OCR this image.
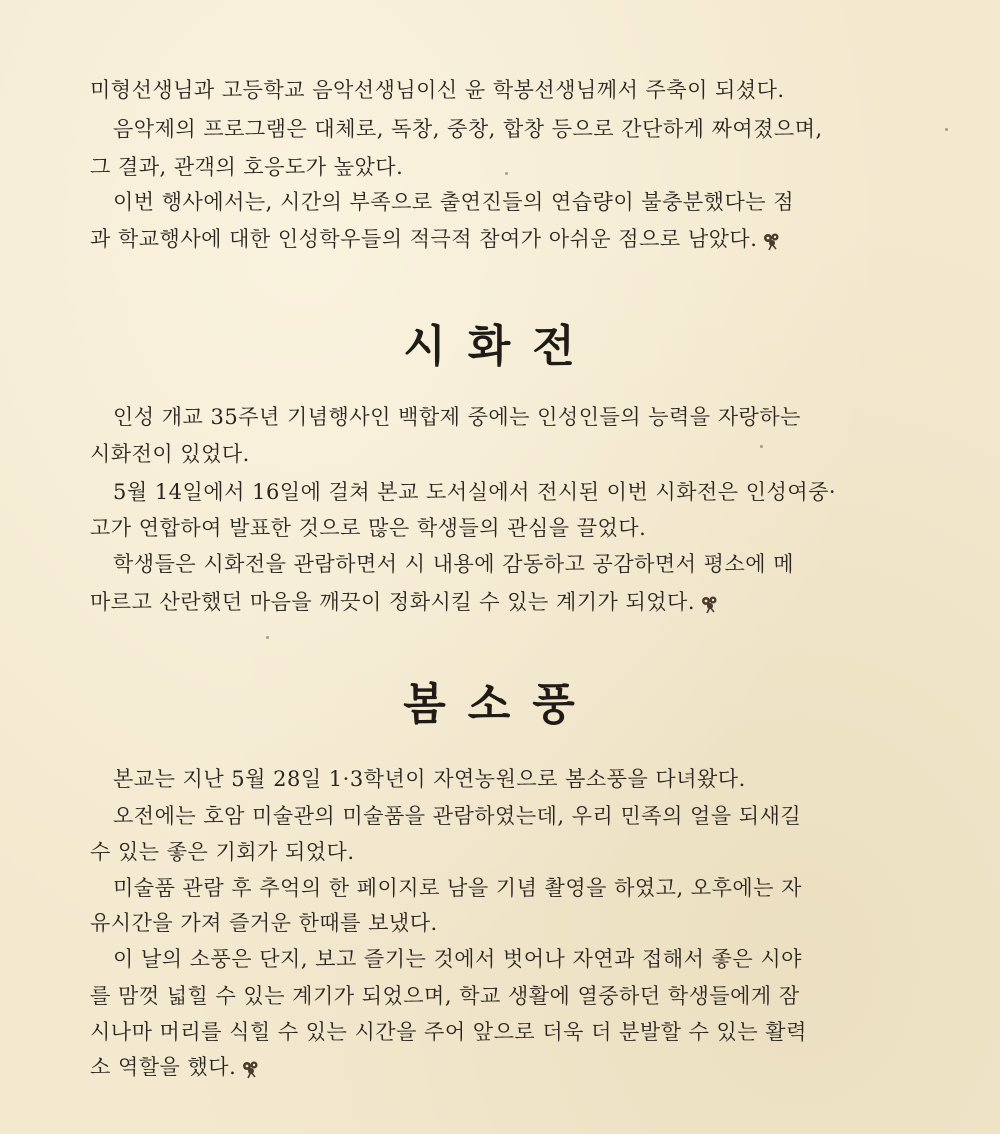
미형선생님과 고등학교 음악선생님이신 윤 학봉선생님께서 주축이 되셨다.

음악제의 프로그램은 대체로, 독창, 중창, 합창 등으로 간단하게 짜여졌으며,

그 결과, 관객의 호응도가 높았다.

이번 행사에서는, 시간의 부족으로 출연진들의 연습량이 불충분했다는 점

과 학교행사에 대한 인성학우들의 적극적 참여가 아쉬운 점으로 남았다.

시화전

인성 개교 35주년 기념행사인 백합제 중에는 인성인들의 능력을 자랑하는

시화전이 있었다.

5월 14일에서 16일에 걸쳐 본교 도서실에서 전시된 이번 시화전은 인성여중·

고가 연합하여 발표한 것으로 많은 학생들의 관심을 끌었다.

학생들은 시화전을 관람하면서 시 내용에 감동하고 공감하면서 평소에 메

마르고 산란했던 마음을 깨끗이 정화시킬 수 있는 계기가 되었다.

봄소풍

본교는 지난 5월 28일 1·3학년이 자연농원으로 봄소풍을 다녀왔다.

오전에는 호암 미술관의 미술품을 관람하였는데, 우리 민족의 얼을 되새길

수 있는 좋은 기회가 되었다.

미술품 관람 후 추억의 한 페이지로 남을 기념 촬영을 하였고, 오후에는 자

유시간을 가져 즐거운 한때를 보냈다.

이 날의 소풍은 단지, 보고 즐기는 것에서 벗어나 자연과 접해서 좋은 시야

를 맘껏 넓힐 수 있는 계기가 되었으며, 학교 생활에 열중하던 학생들에게 잠

시나마 머리를 식힐 수 있는 시간을 주어 앞으로 더욱 더 분발할 수 있는 활력

소 역할을 했다.
